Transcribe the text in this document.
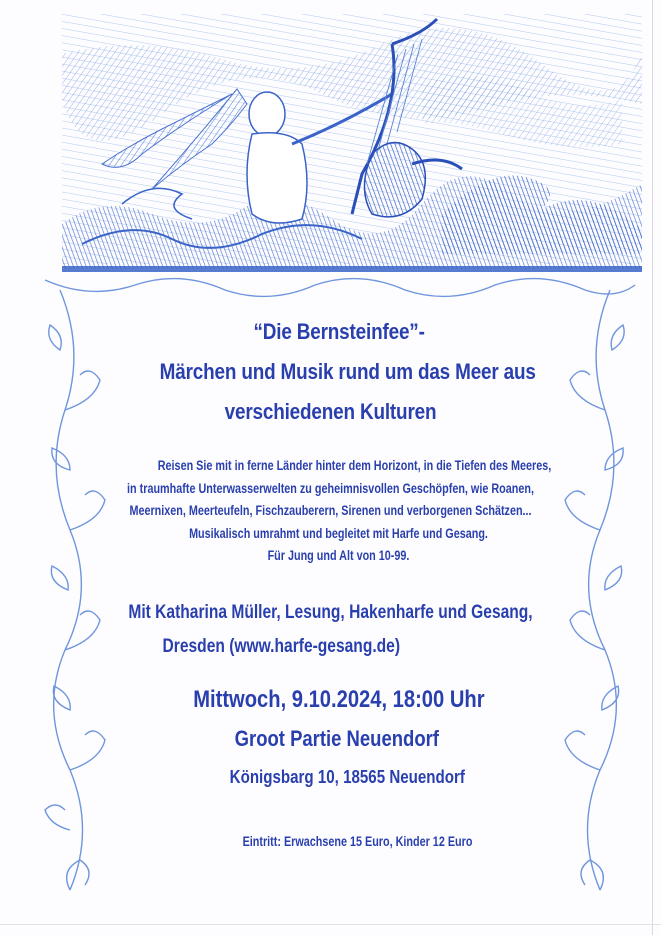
“Die Bernsteinfee”-
Märchen und Musik rund um das Meer aus
verschiedenen Kulturen
Reisen Sie mit in ferne Länder hinter dem Horizont, in die Tiefen des Meeres,
in traumhafte Unterwasserwelten zu geheimnisvollen Geschöpfen, wie Roanen,
Meernixen, Meerteufeln, Fischzauberern, Sirenen und verborgenen Schätzen...
Musikalisch umrahmt und begleitet mit Harfe und Gesang.
Für Jung und Alt von 10-99.
Mit Katharina Müller, Lesung, Hakenharfe und Gesang,
Dresden (www.harfe-gesang.de)
Mittwoch, 9.10.2024, 18:00 Uhr
Groot Partie Neuendorf
Königsbarg 10, 18565 Neuendorf
Eintritt: Erwachsene 15 Euro, Kinder 12 Euro
